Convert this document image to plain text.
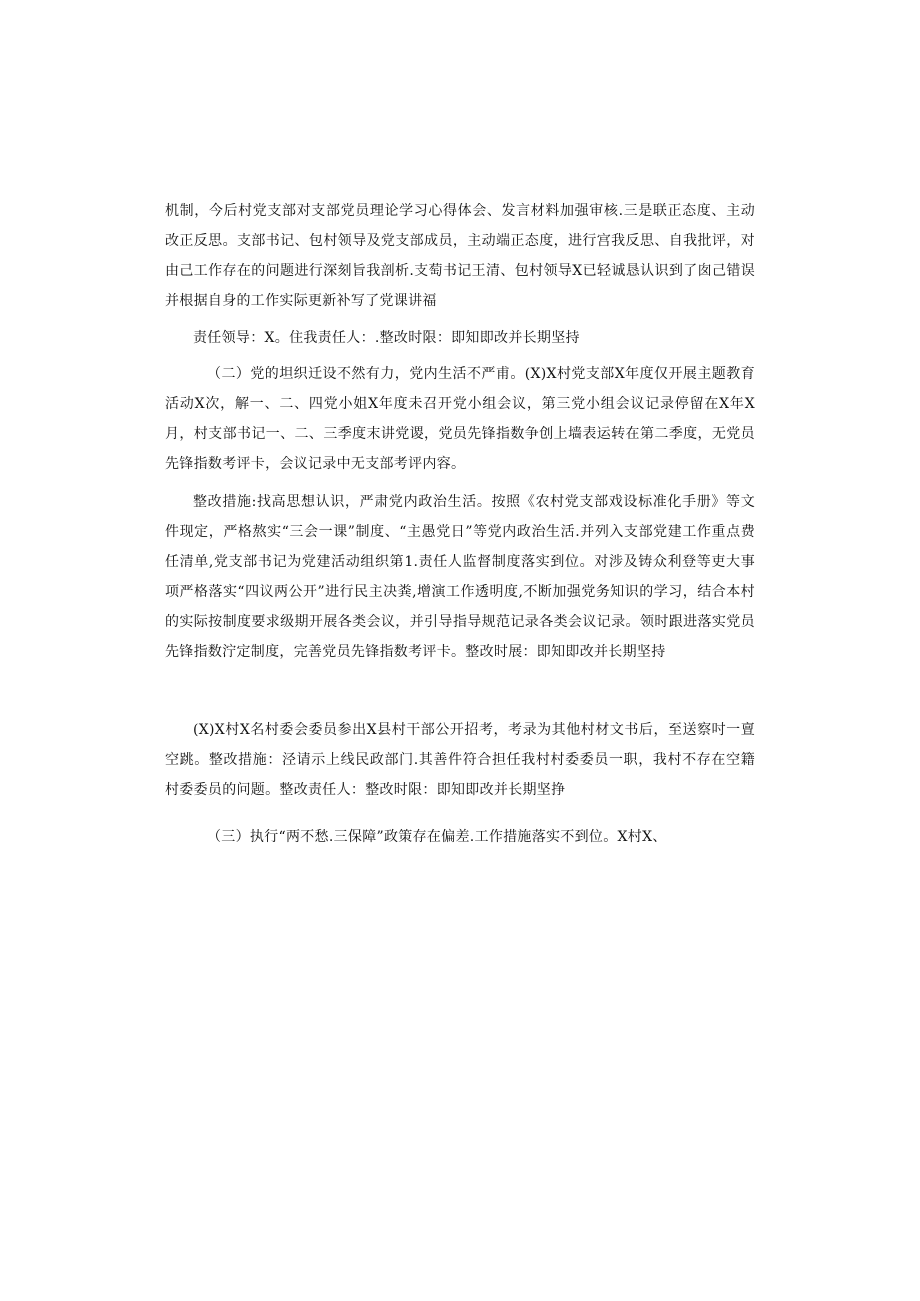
机制，今后村党支部对支部党员理论学习心得体会、发言材料加强审核.三是联正态度、主动改正反思。支部书记、包村领导及党支部成员，主动端正态度，进行宫我反思、自我批评，对由己工作存在的问题进行深刻旨我剖析.支萄书记王清、包村领导X已轻诚恳认识到了囱己错误并根据自身的工作实际更新补写了党课讲福

责任领导：X。住我责任人：.整改时限：即知即改并长期坚持

（二）党的坦织迁设不然有力，党内生活不严甫。(X)X村党支部X年度仅开展主题教育活动X次，解一、二、四党小姐X年度未召开党小组会议，第三党小组会议记录停留在X年X月，村支部书记一、二、三季度末讲党谡，党员先锋指数争创上墙表运转在第二季度，无党员先锋指数考评卡，会议记录中无支部考评内容。

整改措施:找高思想认识，严肃党内政治生活。按照《农村党支部戏设标准化手册》等文件现定，严格熬实“三会一课”制度、“主愚党日”等党内政治生活.并列入支部党建工作重点费任清单,党支部书记为党建活动组织第1.责任人监督制度落实到位。对涉及铸众利登等吏大事项严格落实“四议两公开”进行民主决粪,增演工作透明度,不断加强党务知识的学习，结合本村的实际按制度要求级期开展各类会议，并引导指导规范记录各类会议记录。领时跟进落实党员先锋指数泞定制度，完善党员先锋指数考评卡。整改时展：即知即改并长期坚持

(X)X村X名村委会委员参出X县村干部公开招考，考录为其他村材文书后，至送察吋一亶空跳。整改措施：泾请示上线民政部门.其善件符合担任我村村委委员一职，我村不存在空籍村委委员的问题。整改责任人：整改时限：即知即改并长期坚挣

（三）执行“两不愁.三保障”政策存在偏差.工作措施落实不到位。X村X、
